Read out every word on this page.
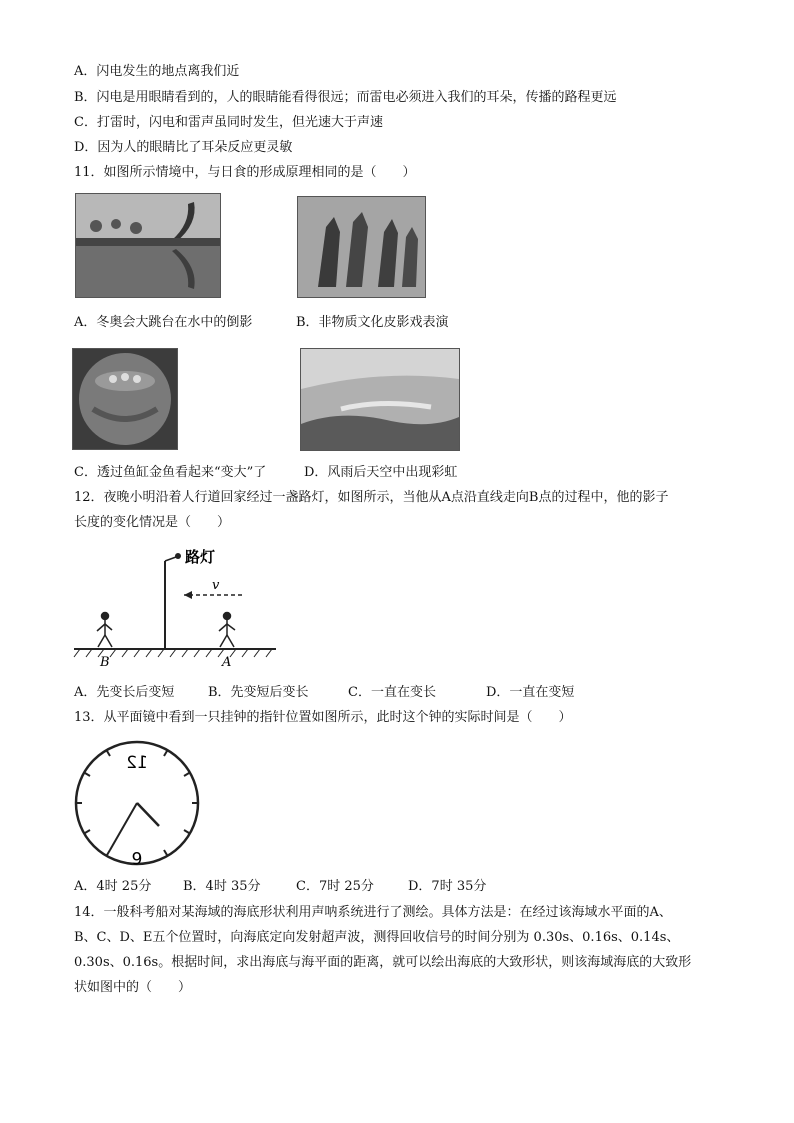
A．闪电发生的地点离我们近
B．闪电是用眼睛看到的，人的眼睛能看得很远；而雷电必须进入我们的耳朵，传播的路程更远
C．打雷时，闪电和雷声虽同时发生，但光速大于声速
D．因为人的眼睛比了耳朵反应更灵敏
11．如图所示情境中，与日食的形成原理相同的是（　　）
A．冬奥会大跳台在水中的倒影	B．非物质文化皮影戏表演
C．透过鱼缸金鱼看起来“变大”了	D．风雨后天空中出现彩虹
12．夜晚小明沿着人行道回家经过一盏路灯，如图所示，当他从A点沿直线走向B点的过程中，他的影子
长度的变化情况是（　　）
路灯
v
B	A
A．先变长后变短	B．先变短后变长	C．一直在变长	D．一直在变短
13．从平面镜中看到一只挂钟的指针位置如图所示，此时这个钟的实际时间是（　　）
12
6
A．4时 25分 B．4时 35分	C．7时 25分	D．7时 35分
14．一般科考船对某海域的海底形状利用声呐系统进行了测绘。具体方法是：在经过该海域水平面的A、
B、C、D、E五个位置时，向海底定向发射超声波，测得回收信号的时间分别为 0.30s、0.16s、0.14s、
0.30s、0.16s。根据时间，求出海底与海平面的距离，就可以绘出海底的大致形状，则该海域海底的大致形
状如图中的（　　）
